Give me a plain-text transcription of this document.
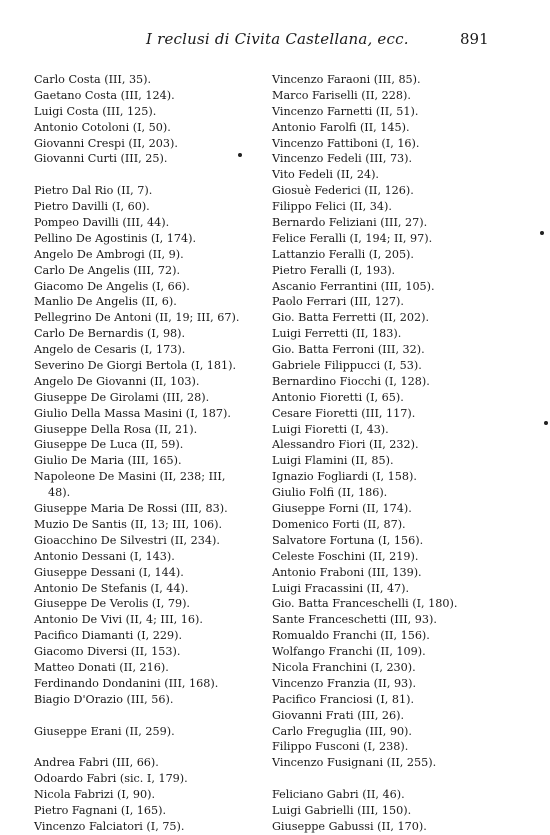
I reclusi di Civita Castellana, ecc.	891
Carlo Costa (III, 35).
Gaetano Costa (III, 124).
Luigi Costa (III, 125).
Antonio Cotoloni (I, 50).
Giovanni Crespi (II, 203).
Giovanni Curti (III, 25).
Pietro Dal Rio (II, 7).
Pietro Davilli (I, 60).
Pompeo Davilli (III, 44).
Pellino De Agostinis (I, 174).
Angelo De Ambrogi (II, 9).
Carlo De Angelis (III, 72).
Giacomo De Angelis (I, 66).
Manlio De Angelis (II, 6).
Pellegrino De Antoni (II, 19; III, 67).
Carlo De Bernardis (I, 98).
Angelo de Cesaris (I, 173).
Severino De Giorgi Bertola (I, 181).
Angelo De Giovanni (II, 103).
Giuseppe De Girolami (III, 28).
Giulio Della Massa Masini (I, 187).
Giuseppe Della Rosa (II, 21).
Giuseppe De Luca (II, 59).
Giulio De Maria (III, 165).
Napoleone De Masini (II, 238; III,
48).
Giuseppe Maria De Rossi (III, 83).
Muzio De Santis (II, 13; III, 106).
Gioacchino De Silvestri (II, 234).
Antonio Dessani (I, 143).
Giuseppe Dessani (I, 144).
Antonio De Stefanis (I, 44).
Giuseppe De Verolis (I, 79).
Antonio De Vivi (II, 4; III, 16).
Pacifico Diamanti (I, 229).
Giacomo Diversi (II, 153).
Matteo Donati (II, 216).
Ferdinando Dondanini (III, 168).
Biagio D'Orazio (III, 56).
Giuseppe Erani (II, 259).
Andrea Fabri (III, 66).
Odoardo Fabri (sic. I, 179).
Nicola Fabrizi (I, 90).
Pietro Fagnani (I, 165).
Vincenzo Falciatori (I, 75).
Vincenzo Faraoni (III, 85).
Marco Fariselli (II, 228).
Vincenzo Farnetti (II, 51).
Antonio Farolfi (II, 145).
Vincenzo Fattiboni (I, 16).
Vincenzo Fedeli (III, 73).
Vito Fedeli (II, 24).
Giosuè Federici (II, 126).
Filippo Felici (II, 34).
Bernardo Feliziani (III, 27).
Felice Feralli (I, 194; II, 97).
Lattanzio Feralli (I, 205).
Pietro Feralli (I, 193).
Ascanio Ferrantini (III, 105).
Paolo Ferrari (III, 127).
Gio. Batta Ferretti (II, 202).
Luigi Ferretti (II, 183).
Gio. Batta Ferroni (III, 32).
Gabriele Filippucci (I, 53).
Bernardino Fiocchi (I, 128).
Antonio Fioretti (I, 65).
Cesare Fioretti (III, 117).
Luigi Fioretti (I, 43).
Alessandro Fiori (II, 232).
Luigi Flamini (II, 85).
Ignazio Fogliardi (I, 158).
Giulio Folfi (II, 186).
Giuseppe Forni (II, 174).
Domenico Forti (II, 87).
Salvatore Fortuna (I, 156).
Celeste Foschini (II, 219).
Antonio Fraboni (III, 139).
Luigi Fracassini (II, 47).
Gio. Batta Franceschelli (I, 180).
Sante Franceschetti (III, 93).
Romualdo Franchi (II, 156).
Wolfango Franchi (II, 109).
Nicola Franchini (I, 230).
Vincenzo Franzia (II, 93).
Pacifico Franciosi (I, 81).
Giovanni Frati (III, 26).
Carlo Freguglia (III, 90).
Filippo Fusconi (I, 238).
Vincenzo Fusignani (II, 255).
Feliciano Gabri (II, 46).
Luigi Gabrielli (III, 150).
Giuseppe Gabussi (II, 170).
